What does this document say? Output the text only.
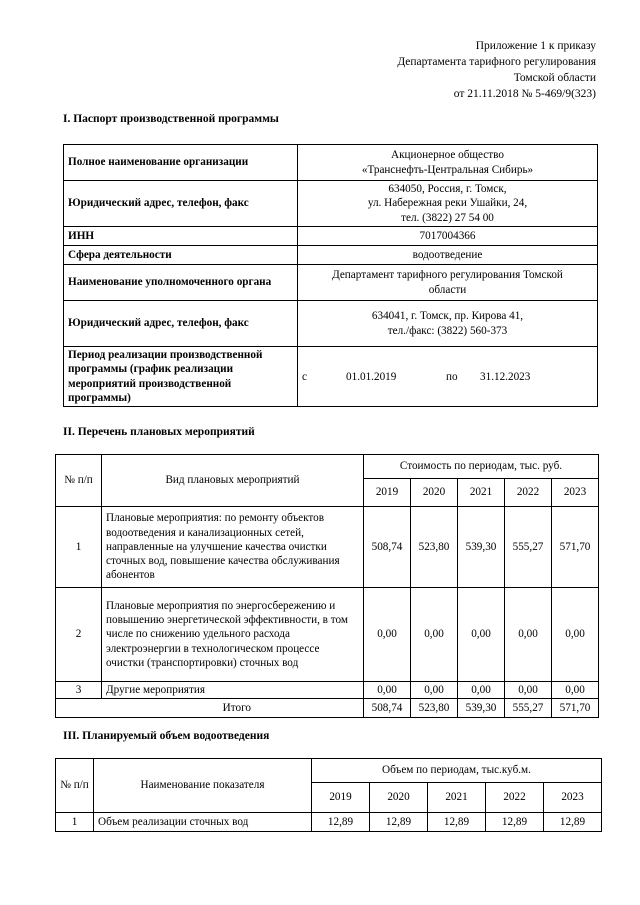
Приложение 1 к приказу
Департамента тарифного регулирования
Томской области
от 21.11.2018 № 5-469/9(323)
I. Паспорт производственной программы
Полное наименование организации	Акционерное общество
«Транснефть-Центральная Сибирь»

Юридический адрес, телефон, факс	634050, Россия, г. Томск,
ул. Набережная реки Ушайки, 24,
тел. (3822) 27 54 00

ИНН	7017004366

Сфера деятельности	водоотведение

Наименование уполномоченного органа	Департамент тарифного регулирования Томской
области

Юридический адрес, телефон, факс	634041, г. Томск, пр. Кирова 41,
тел./факс: (3822) 560-373

Период реализации производственной программы (график реализации мероприятий производственной программы)	с 01.01.2019 по 31.12.2023
II. Перечень плановых мероприятий
№ п/п	Вид плановых мероприятий	Стоимость по периодам, тыс. руб.				
		2019	2020	2021	2022	2023
1	Плановые мероприятия: по ремонту объектов водоотведения и канализационных сетей, направленные на улучшение качества очистки сточных вод, повышение качества обслуживания абонентов	508,74	523,80	539,30	555,27	571,70
2	Плановые мероприятия по энергосбережению и повышению энергетической эффективности, в том числе по снижению удельного расхода электроэнергии в технологическом процессе очистки (транспортировки) сточных вод	0,00	0,00	0,00	0,00	0,00
3	Другие мероприятия	0,00	0,00	0,00	0,00	0,00
	Итого	508,74	523,80	539,30	555,27	571,70
III. Планируемый объем водоотведения
№ п/п	Наименование показателя	Объем по периодам, тыс.куб.м.				
		2019	2020	2021	2022	2023
1	Объем реализации сточных вод	12,89	12,89	12,89	12,89	12,89
